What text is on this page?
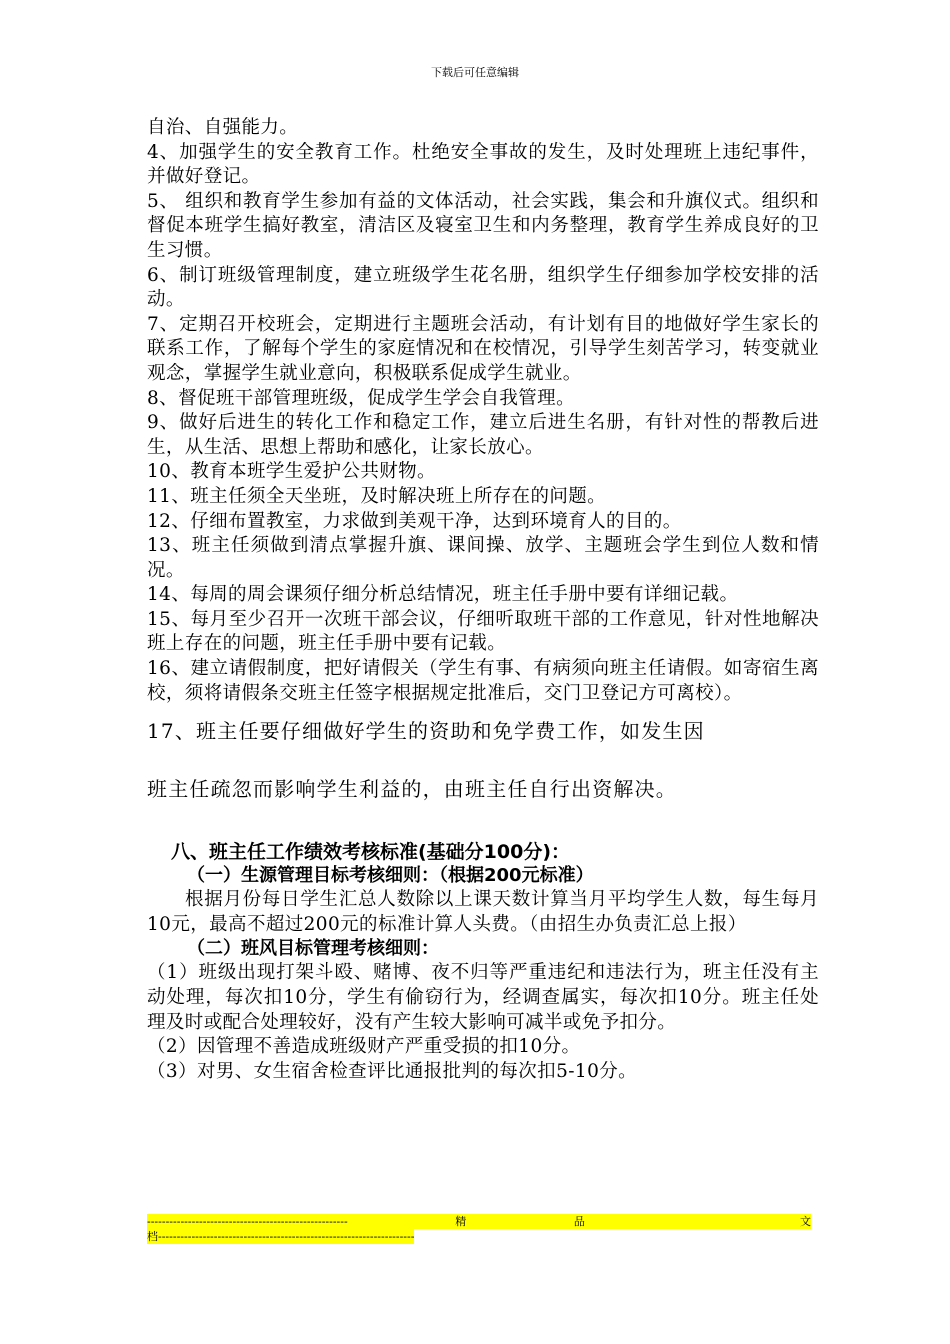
下载后可任意编辑

自治、自强能力。

4、加强学生的安全教育工作。杜绝安全事故的发生，及时处理班上违纪事件，并做好登记。

5、 组织和教育学生参加有益的文体活动，社会实践，集会和升旗仪式。组织和督促本班学生搞好教室，清洁区及寝室卫生和内务整理，教育学生养成良好的卫生习惯。

6、制订班级管理制度，建立班级学生花名册，组织学生仔细参加学校安排的活动。

7、定期召开校班会，定期进行主题班会活动，有计划有目的地做好学生家长的联系工作，了解每个学生的家庭情况和在校情况，引导学生刻苦学习，转变就业观念，掌握学生就业意向，积极联系促成学生就业。

8、督促班干部管理班级，促成学生学会自我管理。

9、做好后进生的转化工作和稳定工作，建立后进生名册，有针对性的帮教后进生，从生活、思想上帮助和感化，让家长放心。

10、教育本班学生爱护公共财物。

11、班主任须全天坐班，及时解决班上所存在的问题。

12、仔细布置教室，力求做到美观干净，达到环境育人的目的。

13、班主任须做到清点掌握升旗、课间操、放学、主题班会学生到位人数和情况。

14、每周的周会课须仔细分析总结情况，班主任手册中要有详细记载。

15、每月至少召开一次班干部会议，仔细听取班干部的工作意见，针对性地解决班上存在的问题，班主任手册中要有记载。

16、建立请假制度，把好请假关（学生有事、有病须向班主任请假。如寄宿生离校，须将请假条交班主任签字根据规定批准后，交门卫登记方可离校）。

17、班主任要仔细做好学生的资助和免学费工作，如发生因

班主任疏忽而影响学生利益的，由班主任自行出资解决。

八、班主任工作绩效考核标准(基础分100分)：
（一）生源管理目标考核细则：（根据200元标准）

根据月份每日学生汇总人数除以上课天数计算当月平均学生人数，每生每月10元，最高不超过200元的标准计算人头费。（由招生办负责汇总上报）

（二）班风目标管理考核细则：

（1）班级出现打架斗殴、赌博、夜不归等严重违纪和违法行为，班主任没有主动处理，每次扣10分，学生有偷窃行为，经调查属实，每次扣10分。班主任处理及时或配合处理较好，没有产生较大影响可减半或免予扣分。

（2）因管理不善造成班级财产严重受损的扣10分。

（3）对男、女生宿舍检查评比通报批判的每次扣5-10分。

------------------------------------------------------	精	品	文
档---------------------------------------------------------------------
